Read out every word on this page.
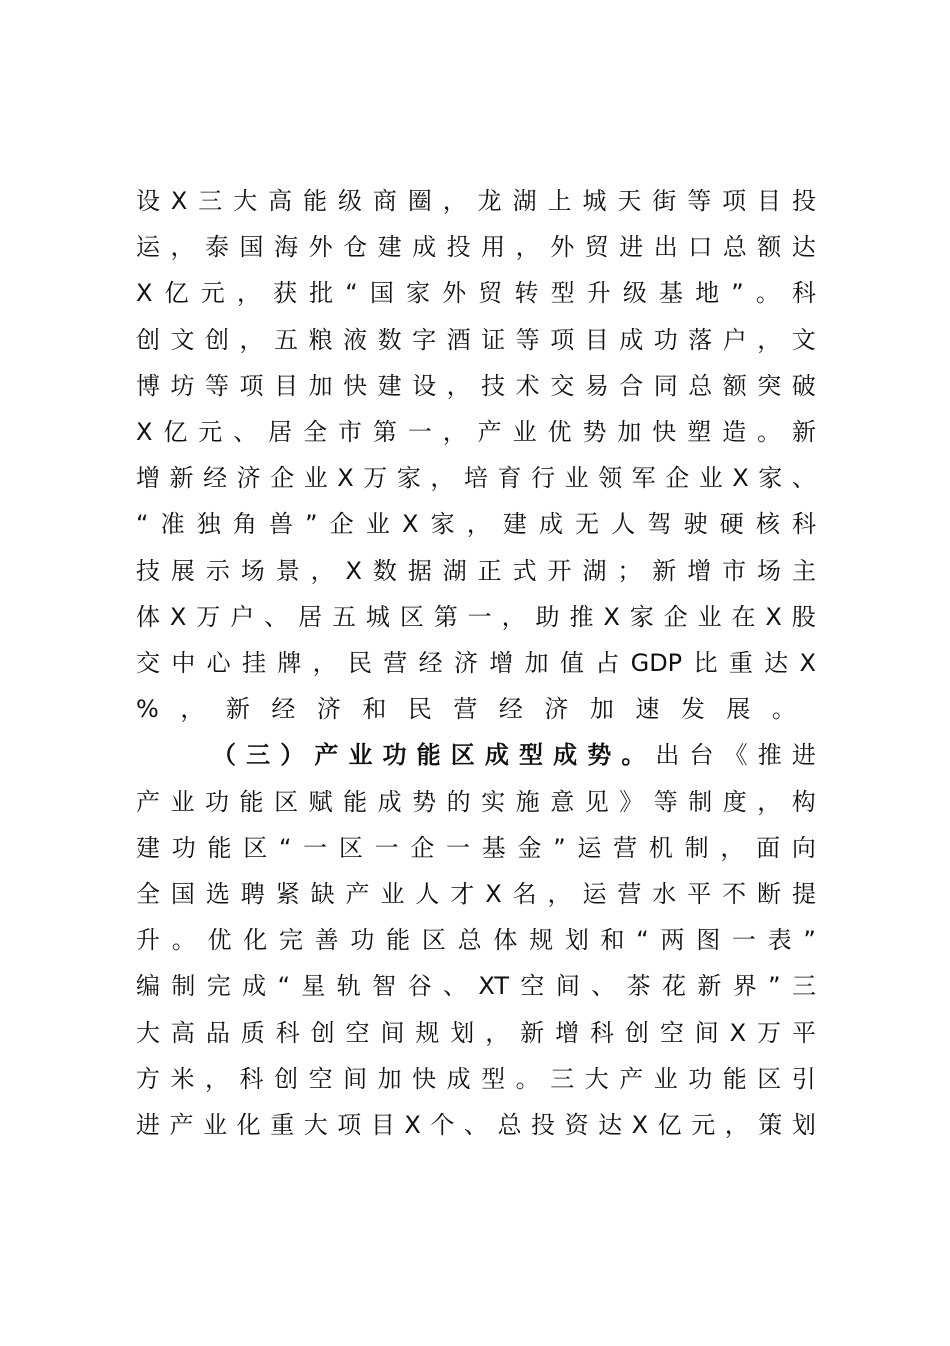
设 X 三 大 高 能 级 商 圈 ， 龙 湖 上 城 天 街 等 项 目 投
运 ， 泰 国 海 外 仓 建 成 投 用 ， 外 贸 进 出 口 总 额 达
X 亿 元 ， 获 批 “ 国 家 外 贸 转 型 升 级 基 地 ” 。 科
创 文 创 ， 五 粮 液 数 字 酒 证 等 项 目 成 功 落 户 ， 文
博 坊 等 项 目 加 快 建 设 ， 技 术 交 易 合 同 总 额 突 破
X 亿 元 、 居 全 市 第 一 ， 产 业 优 势 加 快 塑 造 。 新
增 新 经 济 企 业 X 万 家 ， 培 育 行 业 领 军 企 业 X 家 、
“ 准 独 角 兽 ” 企 业 X 家 ， 建 成 无 人 驾 驶 硬 核 科
技 展 示 场 景 ， X 数 据 湖 正 式 开 湖 ； 新 增 市 场 主
体 X 万 户 、 居 五 城 区 第 一 ， 助 推 X 家 企 业 在 X 股
交 中 心 挂 牌 ， 民 营 经 济 增 加 值 占 GDP 比 重 达 X
% ， 新 经 济 和 民 营 经 济 加 速 发 展 。
（ 三 ） 产 业 功 能 区 成 型 成 势 。 出 台 《 推 进
产 业 功 能 区 赋 能 成 势 的 实 施 意 见 》 等 制 度 ， 构
建 功 能 区 “ 一 区 一 企 一 基 金 ” 运 营 机 制 ， 面 向
全 国 选 聘 紧 缺 产 业 人 才 X 名 ， 运 营 水 平 不 断 提
升 。 优 化 完 善 功 能 区 总 体 规 划 和 “ 两 图 一 表 ”
编 制 完 成 “ 星 轨 智 谷 、 XT 空 间 、 茶 花 新 界 ” 三
大 高 品 质 科 创 空 间 规 划 ， 新 增 科 创 空 间 X 万 平
方 米 ， 科 创 空 间 加 快 成 型 。 三 大 产 业 功 能 区 引
进 产 业 化 重 大 项 目 X 个 、 总 投 资 达 X 亿 元 ， 策 划
